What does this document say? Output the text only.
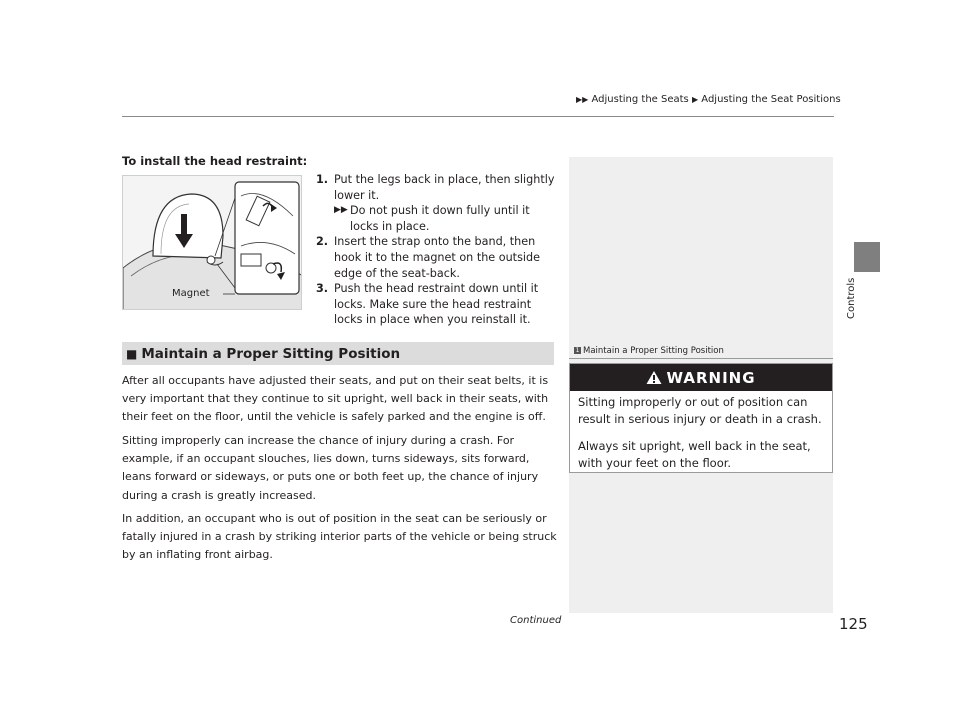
▶▶ Adjusting the Seats ▶ Adjusting the Seat Positions
Controls
To install the head restraint:
Magnet
1. Put the legs back in place, then slightly lower it.
▶▶ Do not push it down fully until it locks in place.
2. Insert the strap onto the band, then hook it to the magnet on the outside edge of the seat-back.
3. Push the head restraint down until it locks. Make sure the head restraint locks in place when you reinstall it.
■ Maintain a Proper Sitting Position
After all occupants have adjusted their seats, and put on their seat belts, it is very important that they continue to sit upright, well back in their seats, with their feet on the floor, until the vehicle is safely parked and the engine is off.
Sitting improperly can increase the chance of injury during a crash. For example, if an occupant slouches, lies down, turns sideways, sits forward, leans forward or sideways, or puts one or both feet up, the chance of injury during a crash is greatly increased.
In addition, an occupant who is out of position in the seat can be seriously or fatally injured in a crash by striking interior parts of the vehicle or being struck by an inflating front airbag.
1 Maintain a Proper Sitting Position
WARNING

Sitting improperly or out of position can result in serious injury or death in a crash.

Always sit upright, well back in the seat, with your feet on the floor.

Continued	125
